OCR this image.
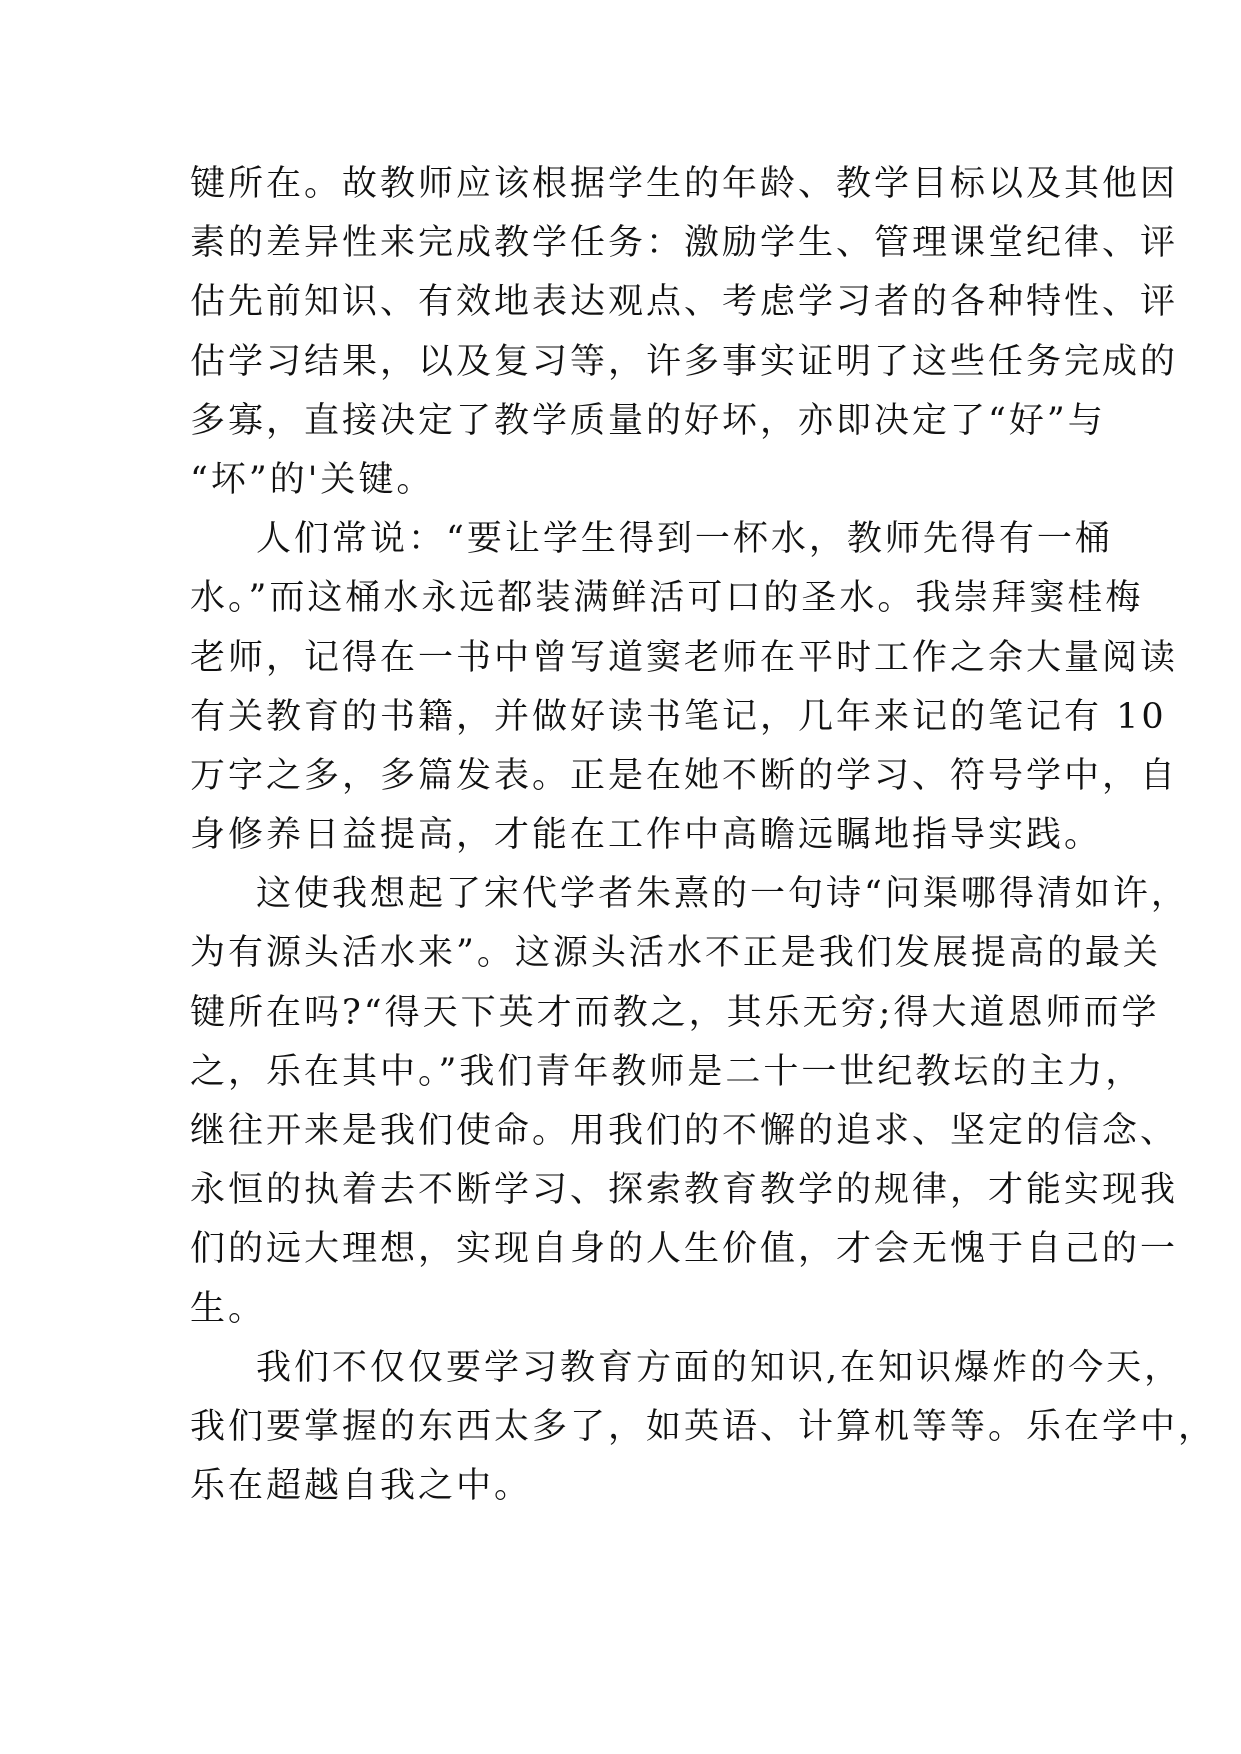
键所在。故教师应该根据学生的年龄、教学目标以及其他因
素的差异性来完成教学任务：激励学生、管理课堂纪律、评
估先前知识、有效地表达观点、考虑学习者的各种特性、评
估学习结果，以及复习等，许多事实证明了这些任务完成的
多寡，直接决定了教学质量的好坏，亦即决定了“好”与
“坏”的'关键。
人们常说：“要让学生得到一杯水，教师先得有一桶
水。”而这桶水永远都装满鲜活可口的圣水。我崇拜窦桂梅
老师，记得在一书中曾写道窦老师在平时工作之余大量阅读
有关教育的书籍，并做好读书笔记，几年来记的笔记有 10
万字之多，多篇发表。正是在她不断的学习、符号学中，自
身修养日益提高，才能在工作中高瞻远瞩地指导实践。
这使我想起了宋代学者朱熹的一句诗“问渠哪得清如许，
为有源头活水来”。这源头活水不正是我们发展提高的最关
键所在吗?“得天下英才而教之，其乐无穷;得大道恩师而学
之，乐在其中。”我们青年教师是二十一世纪教坛的主力，
继往开来是我们使命。用我们的不懈的追求、坚定的信念、
永恒的执着去不断学习、探索教育教学的规律，才能实现我
们的远大理想，实现自身的人生价值，才会无愧于自己的一
生。
我们不仅仅要学习教育方面的知识,在知识爆炸的今天，
我们要掌握的东西太多了，如英语、计算机等等。乐在学中，
乐在超越自我之中。
